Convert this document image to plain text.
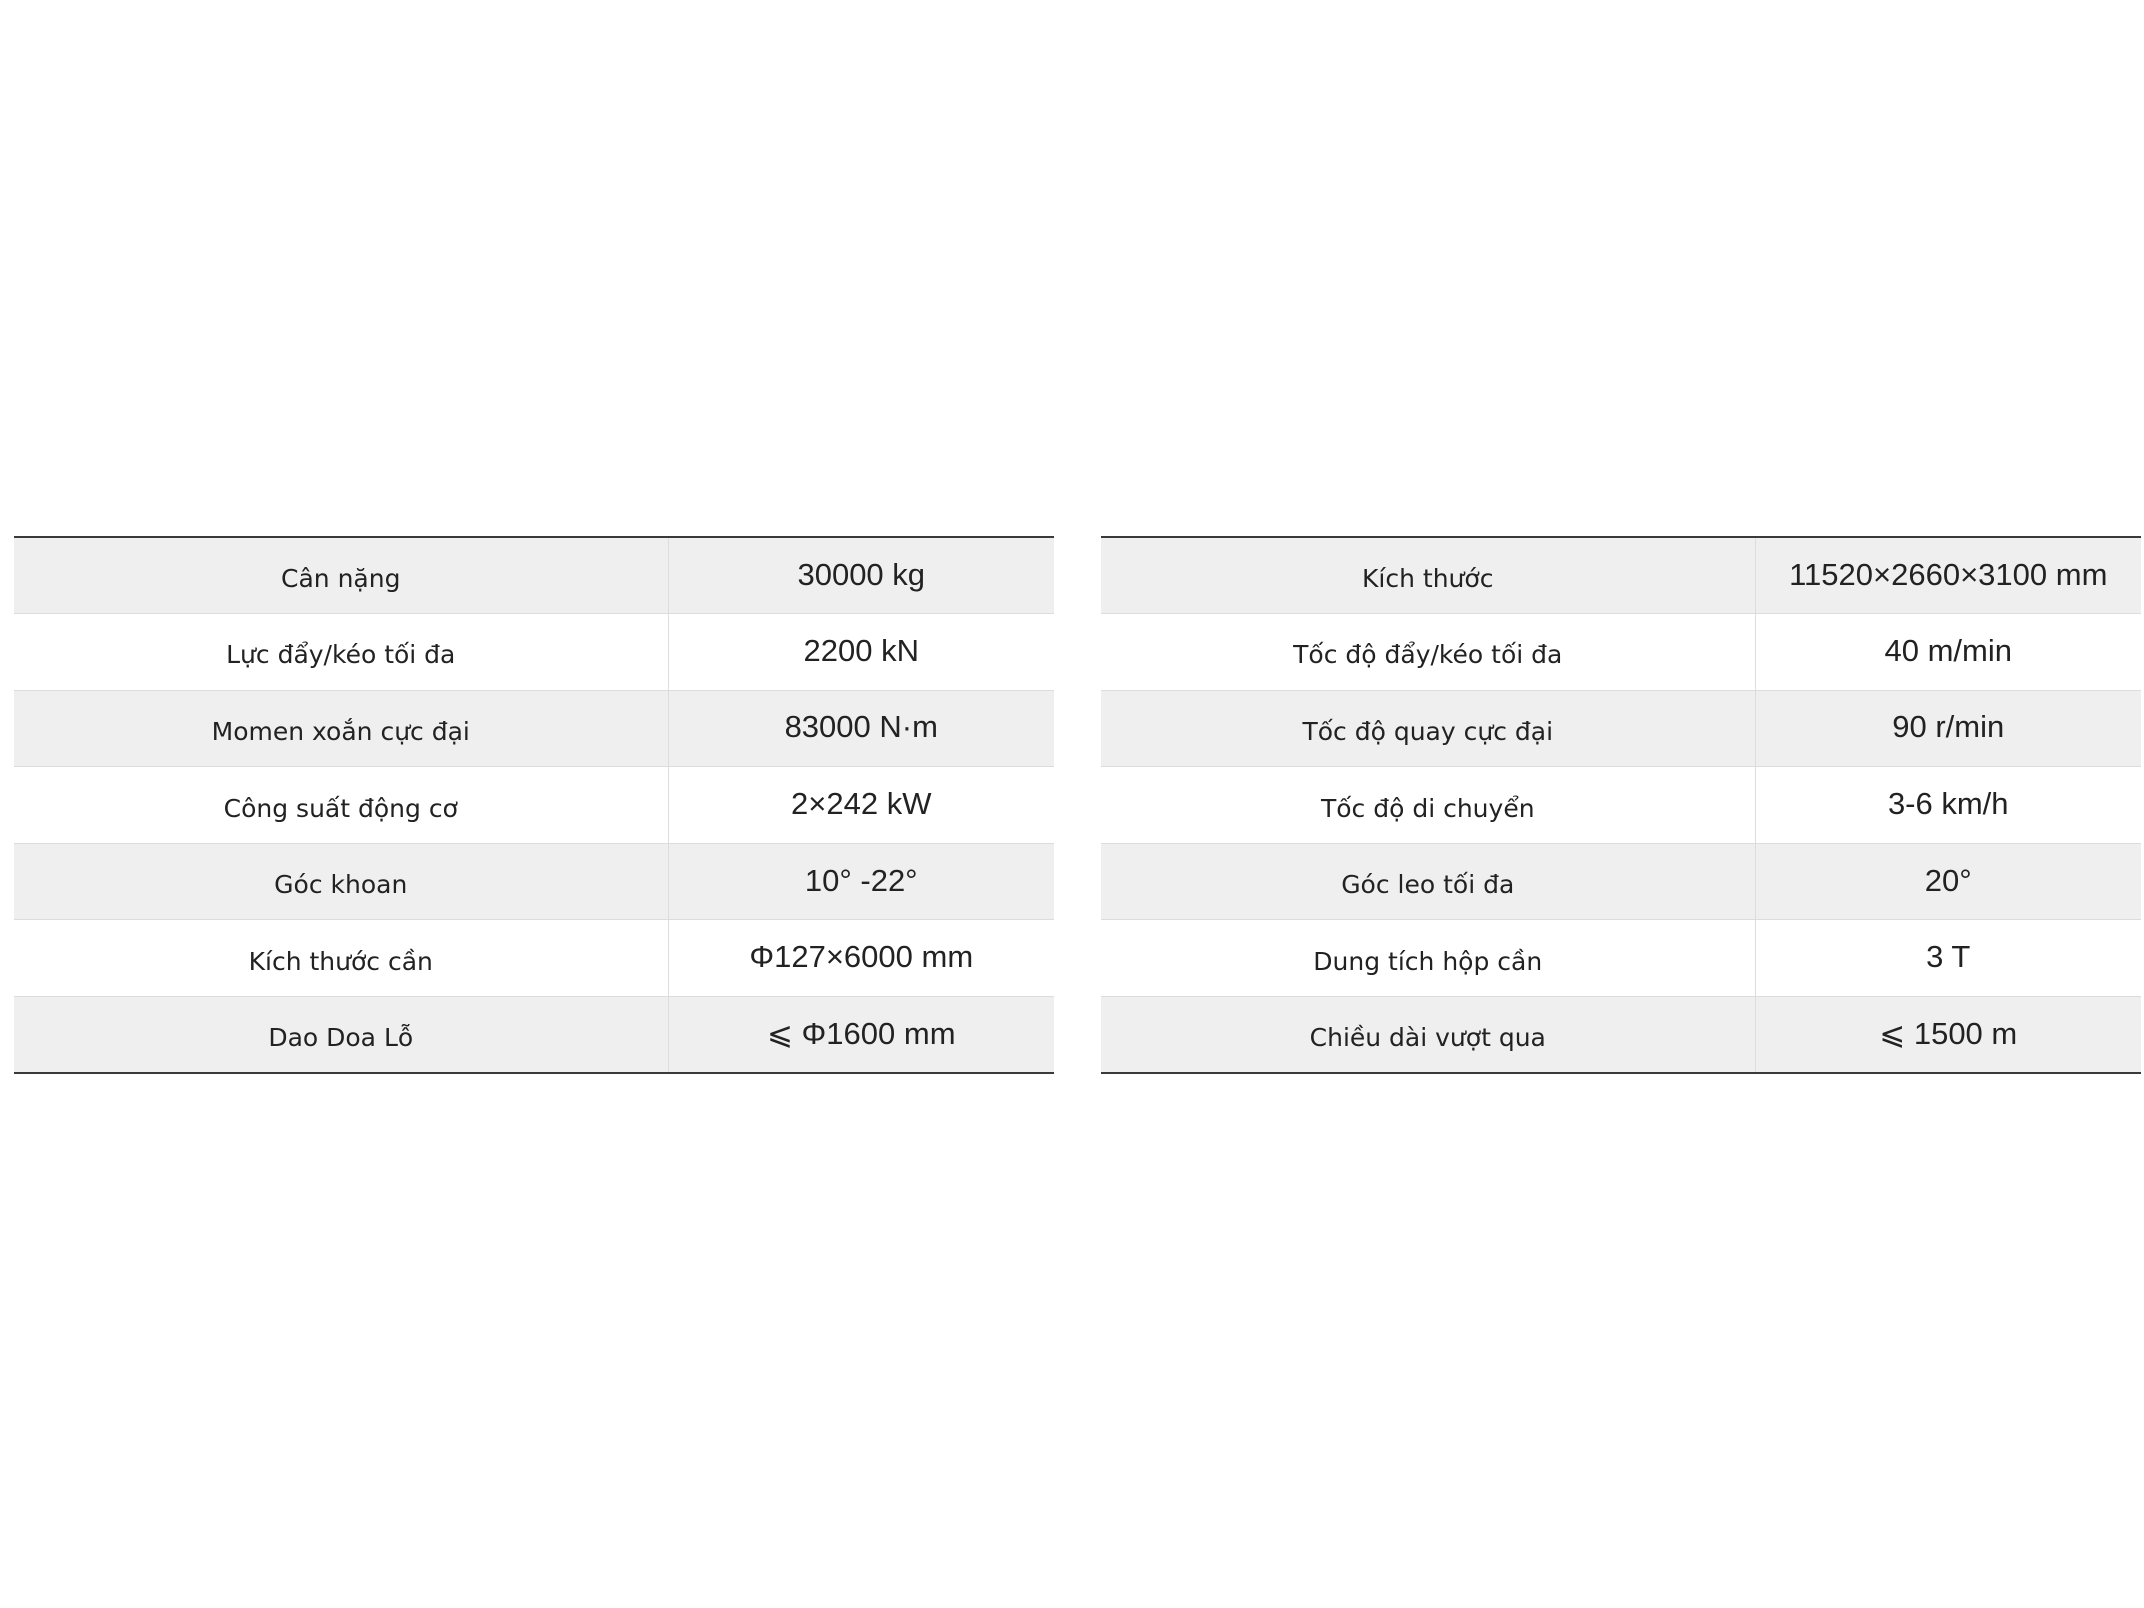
Cân nặng	30000 kg
Lực đẩy/kéo tối đa	2200 kN
Momen xoắn cực đại	83000 N·m
Công suất động cơ	2×242 kW
Góc khoan	10° -22°
Kích thước cần	Φ127×6000 mm
Dao Doa Lỗ	⩽ Φ1600 mm
Kích thước	11520×2660×3100 mm
Tốc độ đẩy/kéo tối đa	40 m/min
Tốc độ quay cực đại	90 r/min
Tốc độ di chuyển	3-6 km/h
Góc leo tối đa	20°
Dung tích hộp cần	3 T
Chiều dài vượt qua	⩽ 1500 m
